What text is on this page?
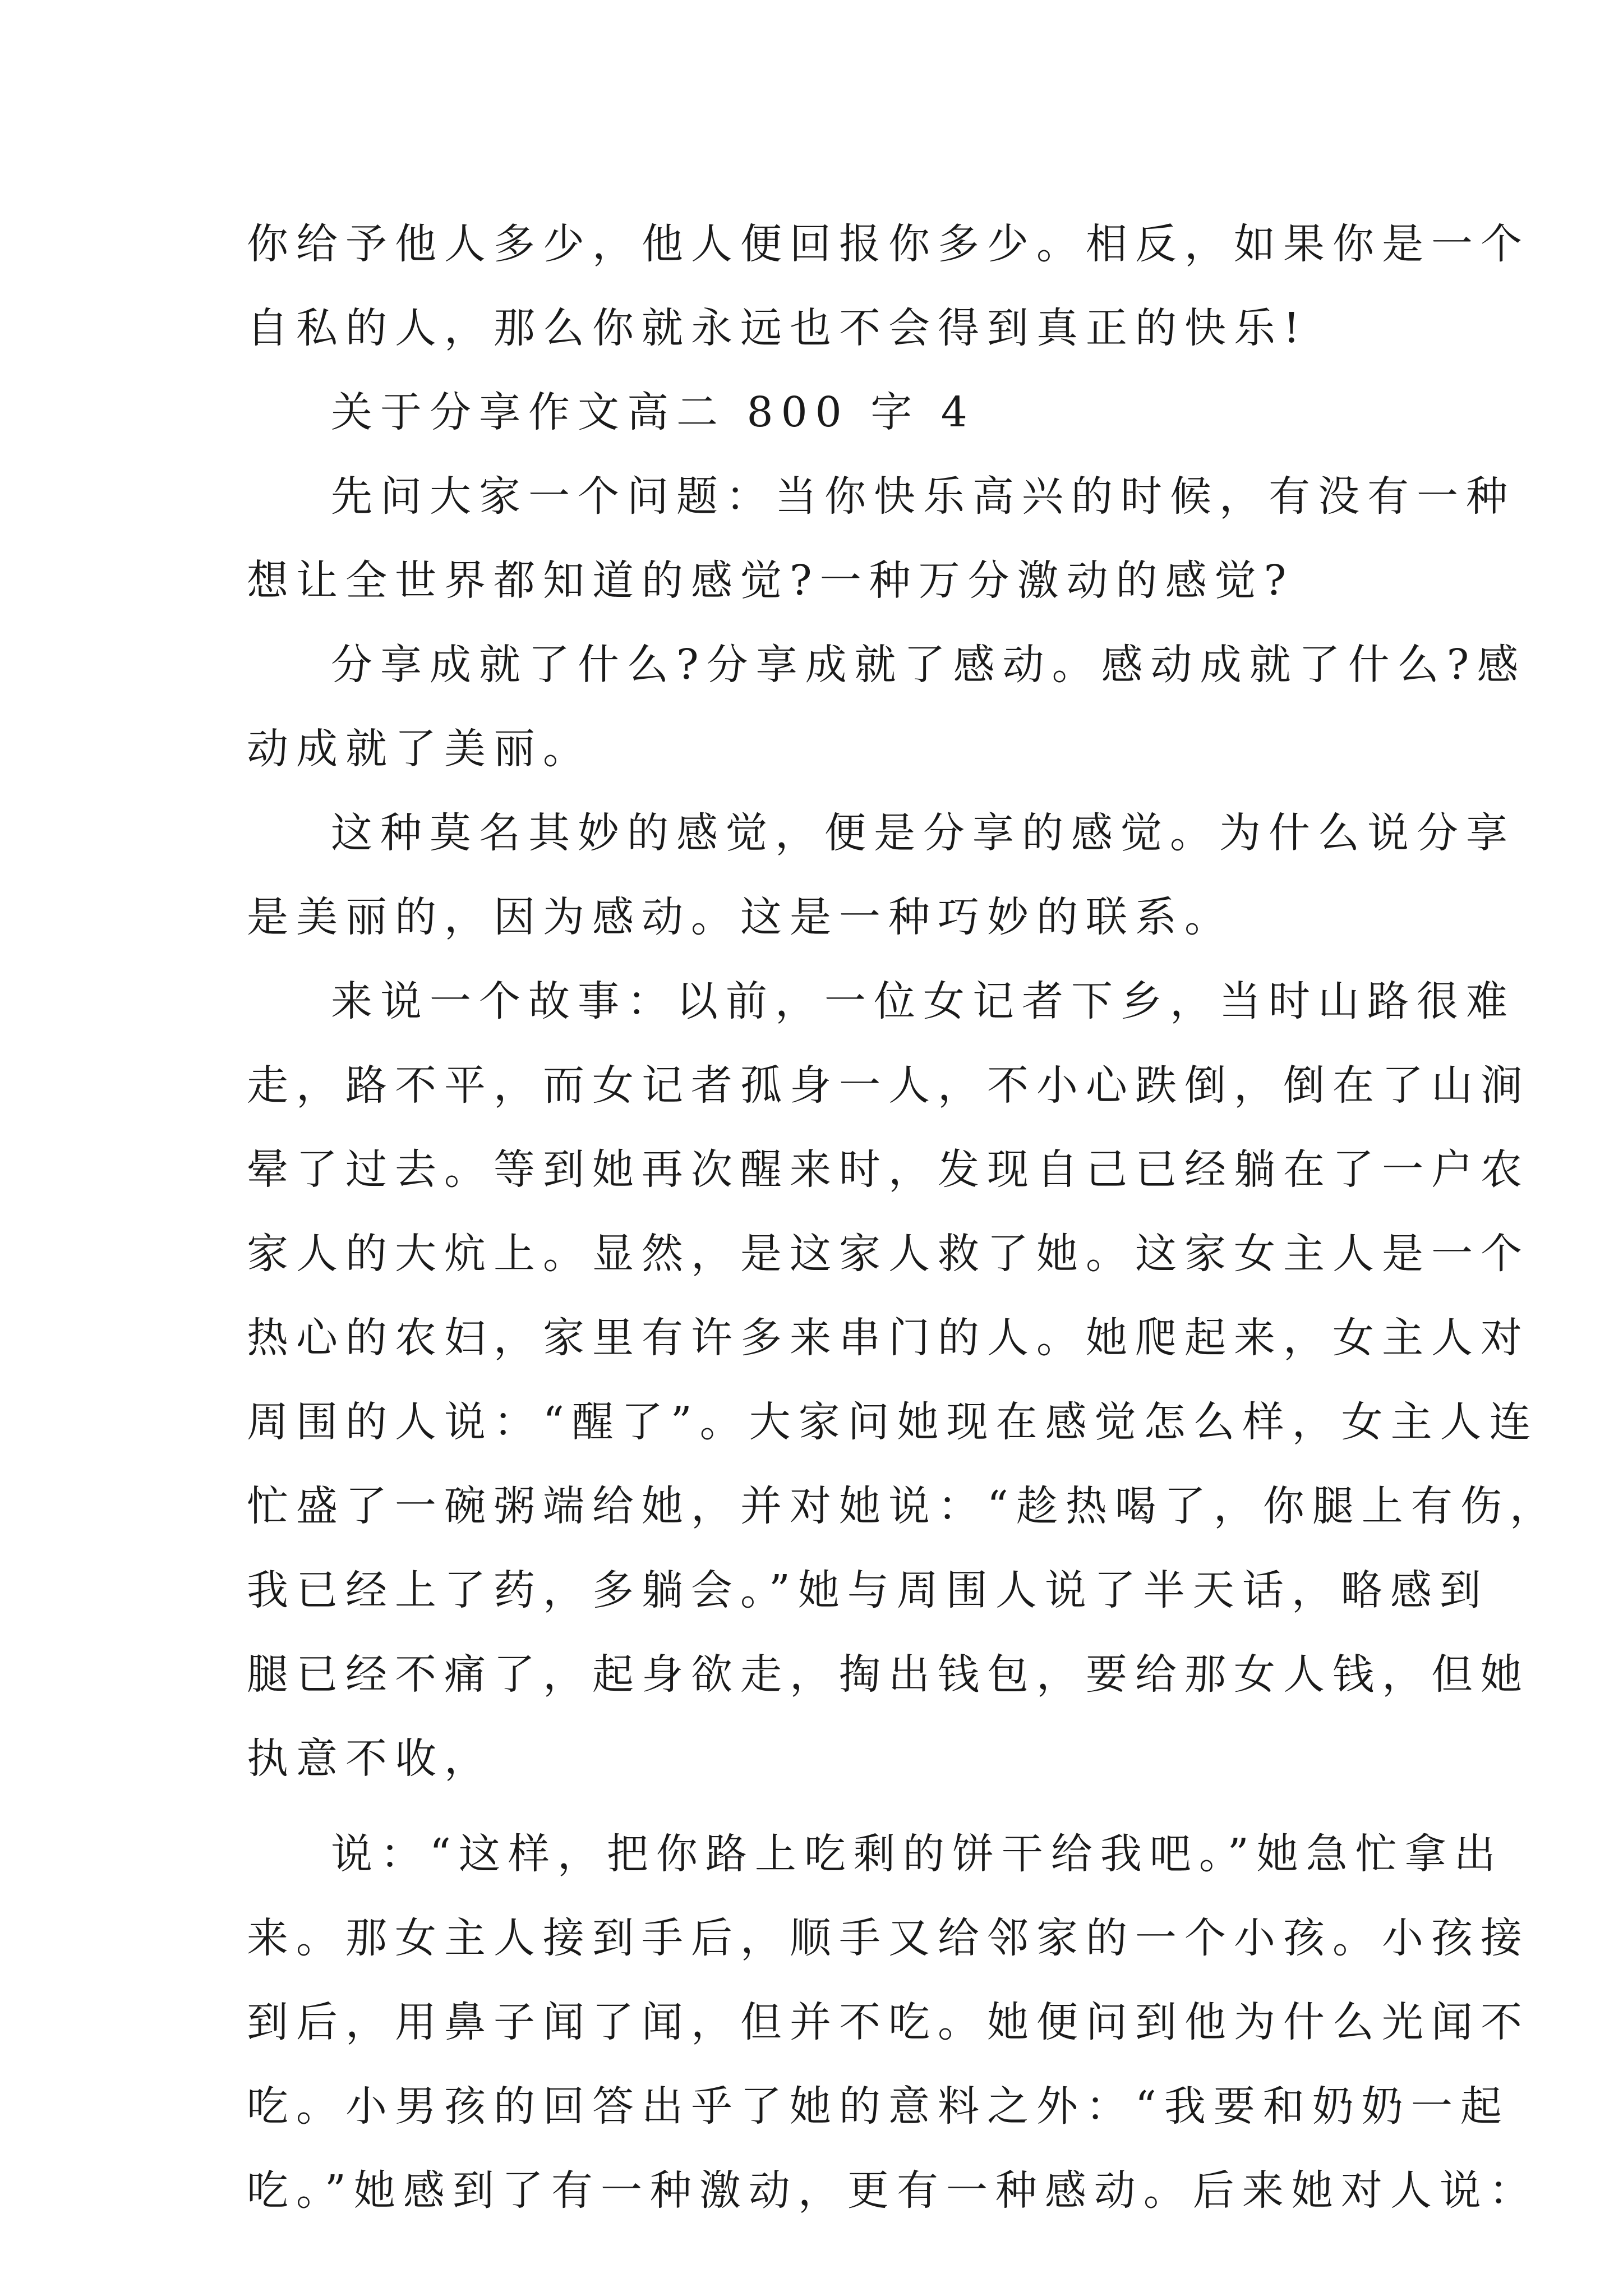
你给予他人多少，他人便回报你多少。相反，如果你是一个
自私的人，那么你就永远也不会得到真正的快乐!
关于分享作文高二 800 字 4
先问大家一个问题：当你快乐高兴的时候，有没有一种
想让全世界都知道的感觉?一种万分激动的感觉?
分享成就了什么?分享成就了感动。感动成就了什么?感
动成就了美丽。
这种莫名其妙的感觉，便是分享的感觉。为什么说分享
是美丽的，因为感动。这是一种巧妙的联系。
来说一个故事：以前，一位女记者下乡，当时山路很难
走，路不平，而女记者孤身一人，不小心跌倒，倒在了山涧
晕了过去。等到她再次醒来时，发现自己已经躺在了一户农
家人的大炕上。显然，是这家人救了她。这家女主人是一个
热心的农妇，家里有许多来串门的人。她爬起来，女主人对
周围的人说：“醒了”。大家问她现在感觉怎么样，女主人连
忙盛了一碗粥端给她，并对她说：“趁热喝了，你腿上有伤，
我已经上了药，多躺会。”她与周围人说了半天话，略感到
腿已经不痛了，起身欲走，掏出钱包，要给那女人钱，但她
执意不收，
说：“这样，把你路上吃剩的饼干给我吧。”她急忙拿出
来。那女主人接到手后，顺手又给邻家的一个小孩。小孩接
到后，用鼻子闻了闻，但并不吃。她便问到他为什么光闻不
吃。小男孩的回答出乎了她的意料之外：“我要和奶奶一起
吃。”她感到了有一种激动，更有一种感动。后来她对人说：
